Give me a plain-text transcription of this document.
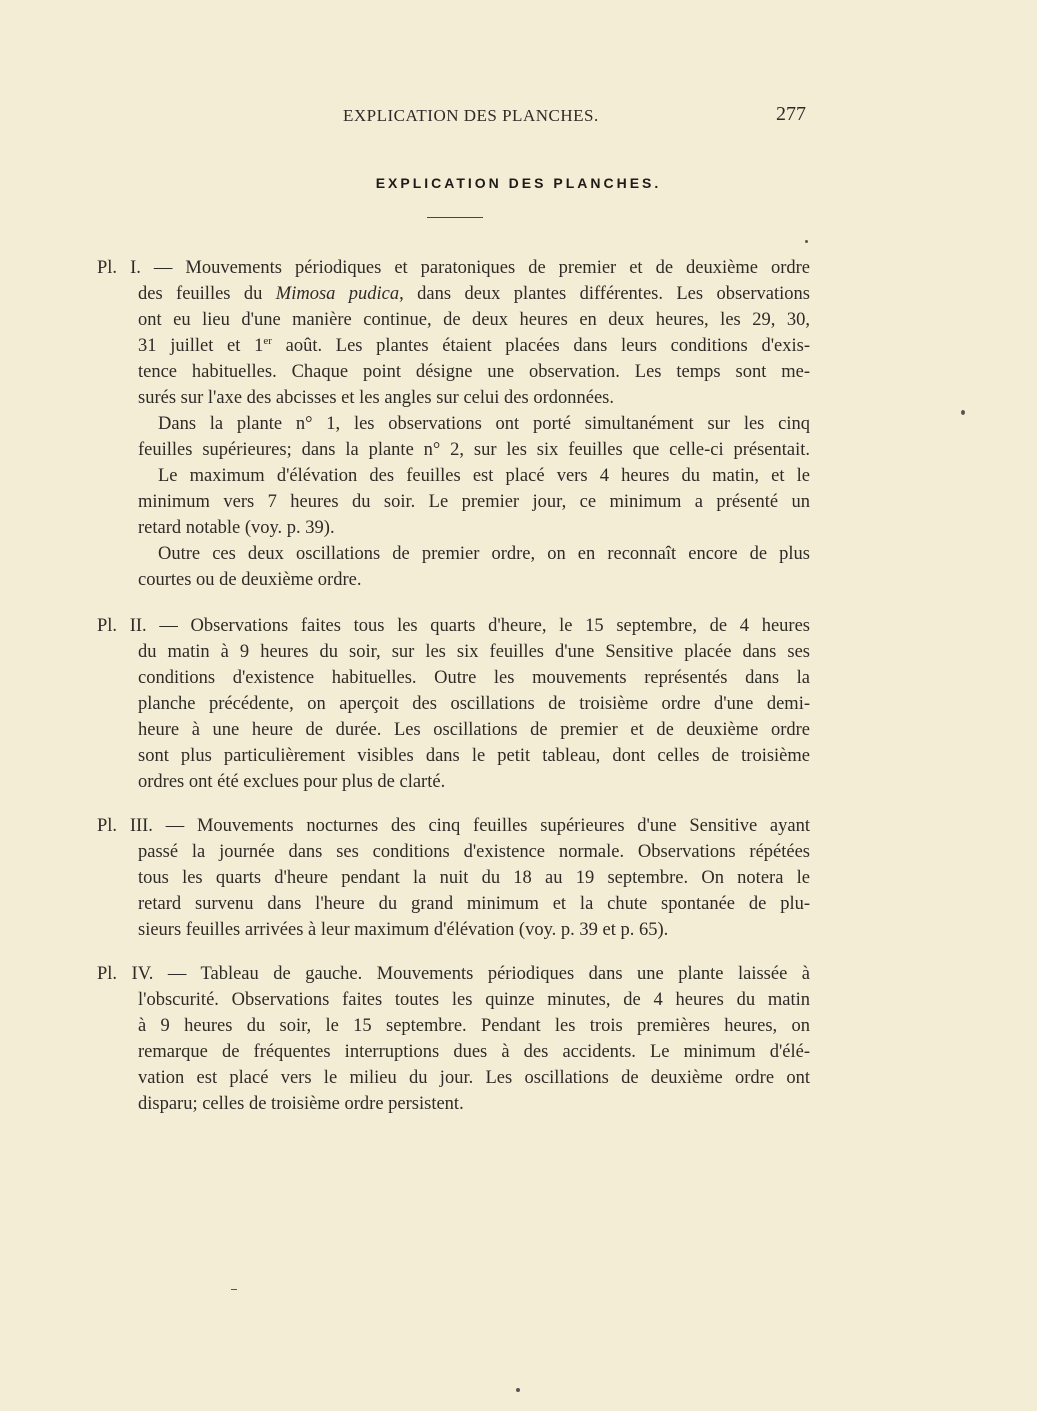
EXPLICATION DES PLANCHES.	277
EXPLICATION DES PLANCHES.
Pl. I. — Mouvements périodiques et paratoniques de premier et de deuxième ordre
des feuilles du Mimosa pudica, dans deux plantes différentes. Les observations
ont eu lieu d'une manière continue, de deux heures en deux heures, les 29, 30,
31 juillet et 1er août. Les plantes étaient placées dans leurs conditions d'exis-
tence habituelles. Chaque point désigne une observation. Les temps sont me-
surés sur l'axe des abcisses et les angles sur celui des ordonnées.
Dans la plante n° 1, les observations ont porté simultanément sur les cinq
feuilles supérieures; dans la plante n° 2, sur les six feuilles que celle-ci présentait.
Le maximum d'élévation des feuilles est placé vers 4 heures du matin, et le
minimum vers 7 heures du soir. Le premier jour, ce minimum a présenté un
retard notable (voy. p. 39).
Outre ces deux oscillations de premier ordre, on en reconnaît encore de plus
courtes ou de deuxième ordre.
Pl. II. — Observations faites tous les quarts d'heure, le 15 septembre, de 4 heures
du matin à 9 heures du soir, sur les six feuilles d'une Sensitive placée dans ses
conditions d'existence habituelles. Outre les mouvements représentés dans la
planche précédente, on aperçoit des oscillations de troisième ordre d'une demi-
heure à une heure de durée. Les oscillations de premier et de deuxième ordre
sont plus particulièrement visibles dans le petit tableau, dont celles de troisième
ordres ont été exclues pour plus de clarté.
Pl. III. — Mouvements nocturnes des cinq feuilles supérieures d'une Sensitive ayant
passé la journée dans ses conditions d'existence normale. Observations répétées
tous les quarts d'heure pendant la nuit du 18 au 19 septembre. On notera le
retard survenu dans l'heure du grand minimum et la chute spontanée de plu-
sieurs feuilles arrivées à leur maximum d'élévation (voy. p. 39 et p. 65).
Pl. IV. — Tableau de gauche. Mouvements périodiques dans une plante laissée à
l'obscurité. Observations faites toutes les quinze minutes, de 4 heures du matin
à 9 heures du soir, le 15 septembre. Pendant les trois premières heures, on
remarque de fréquentes interruptions dues à des accidents. Le minimum d'élé-
vation est placé vers le milieu du jour. Les oscillations de deuxième ordre ont
disparu; celles de troisième ordre persistent.
